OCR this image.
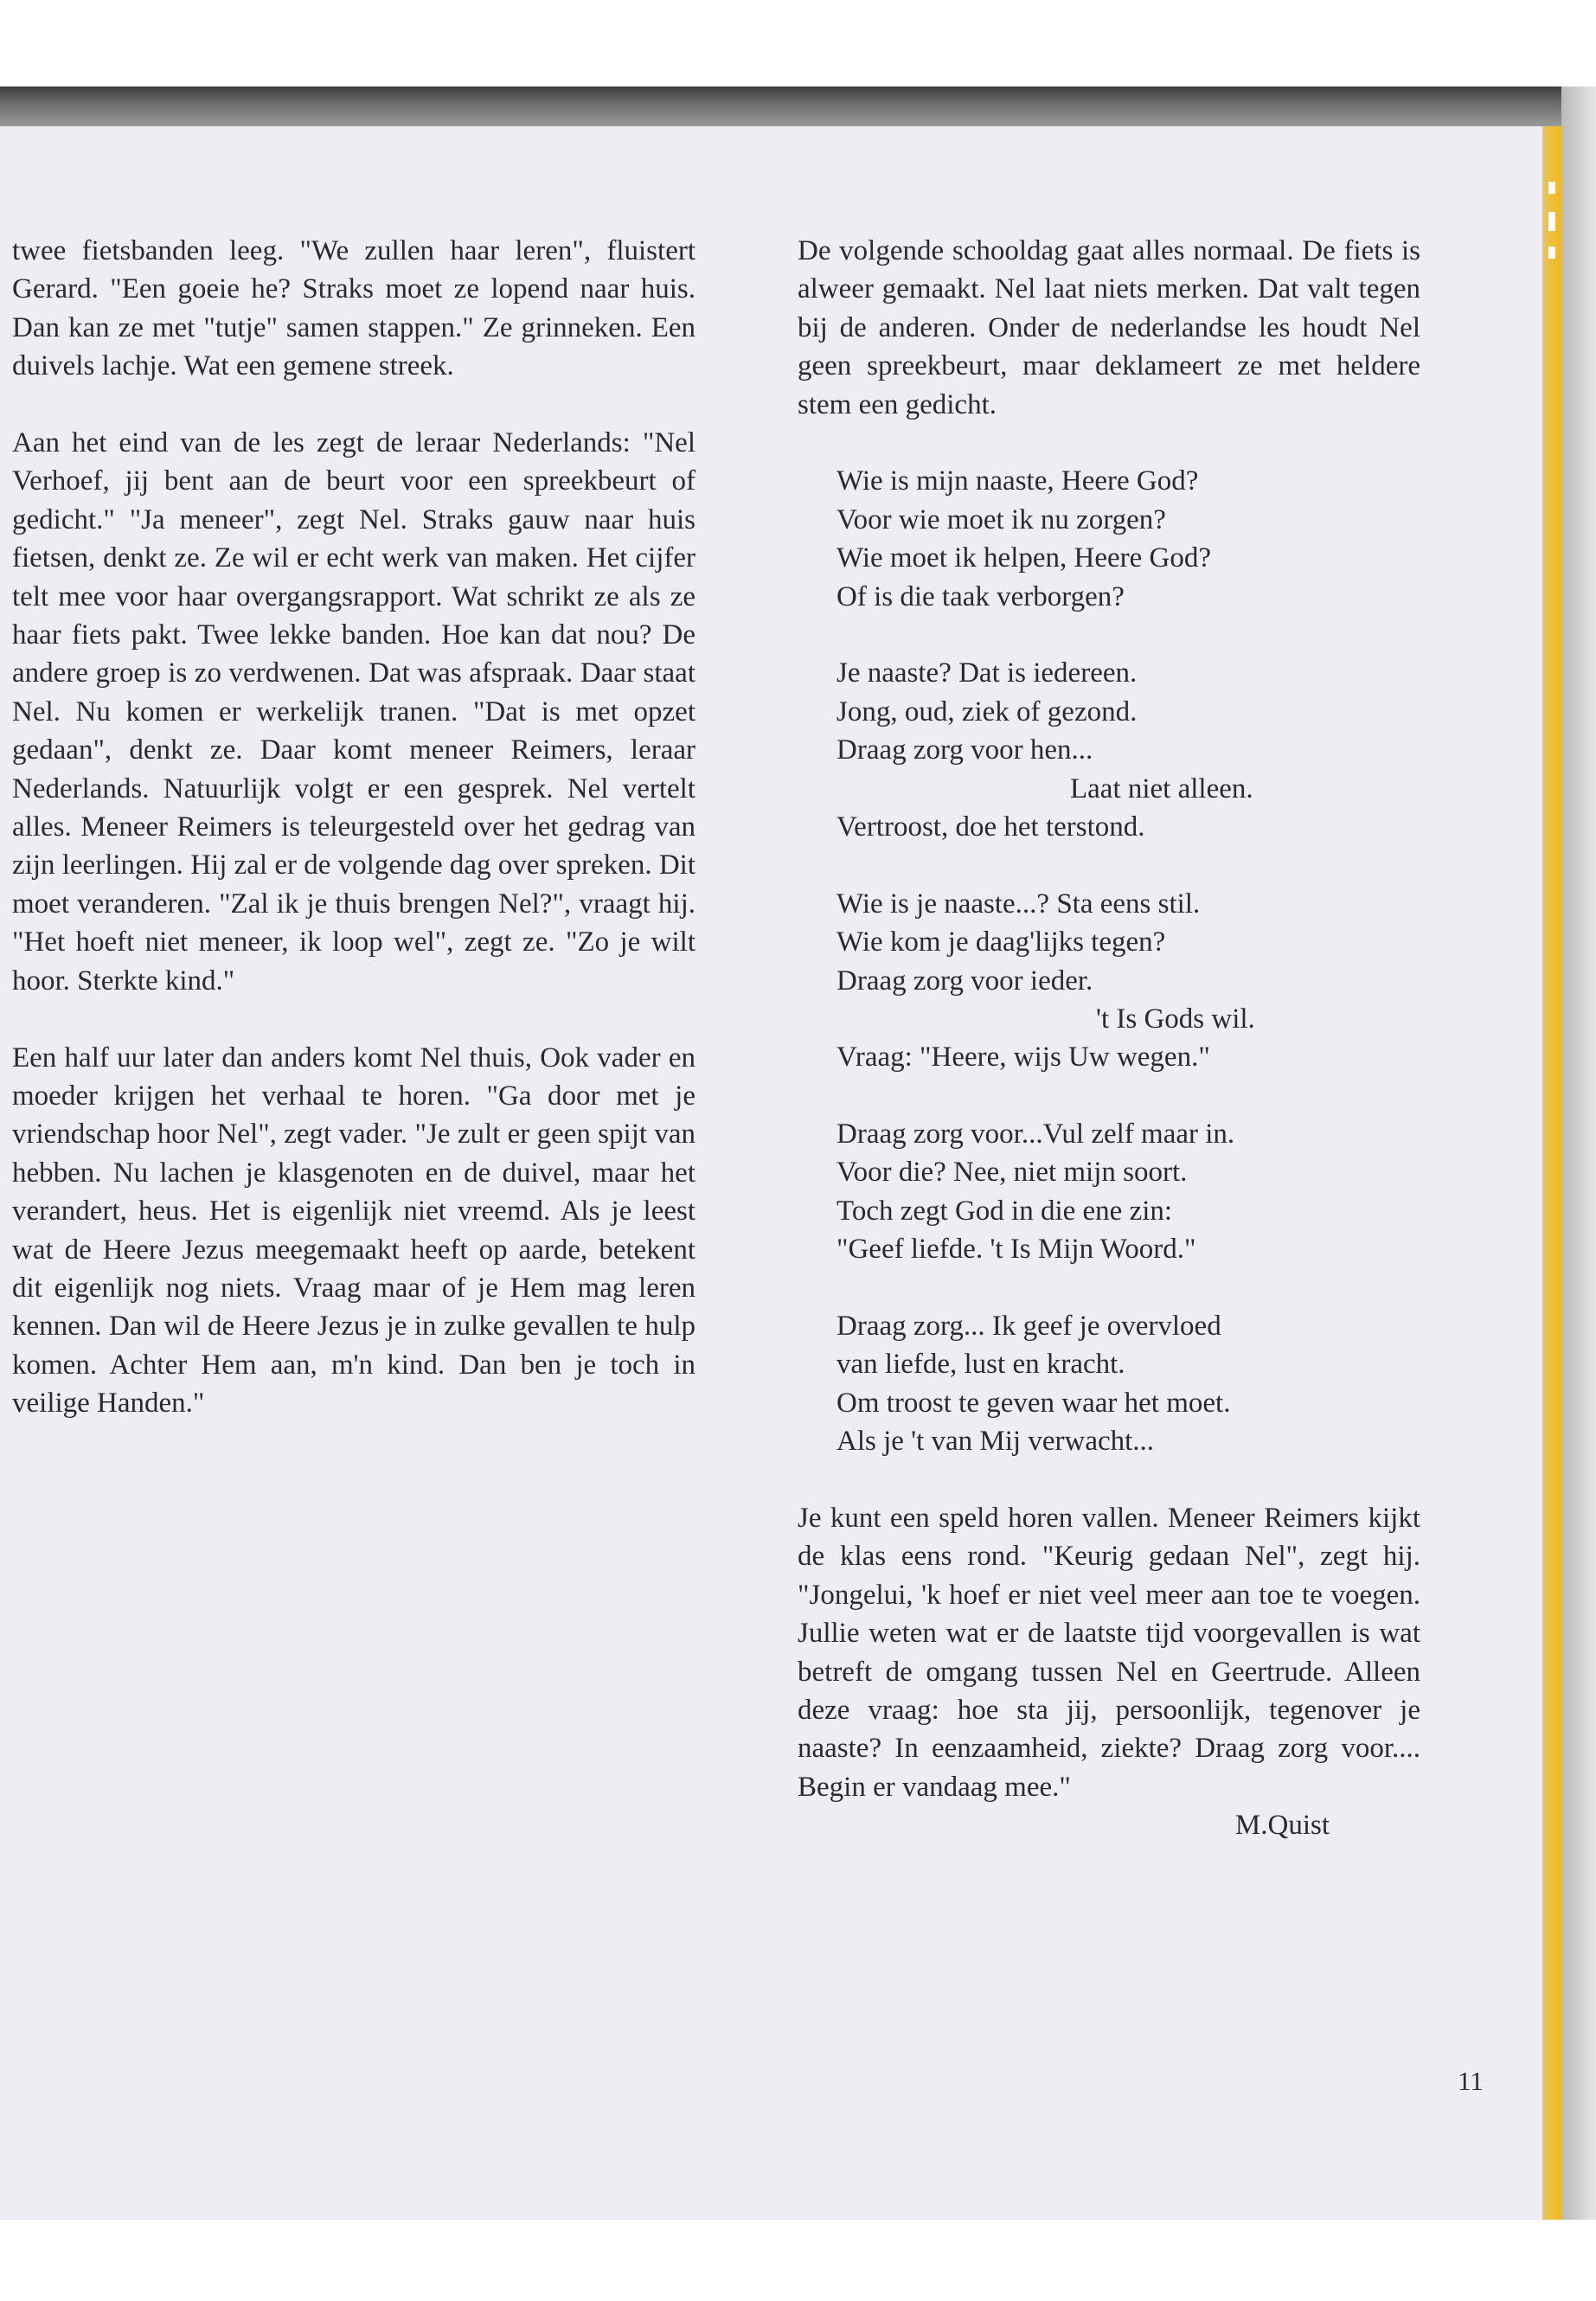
twee fietsbanden leeg. "We zullen haar leren", fluistert Gerard. "Een goeie he? Straks moet ze lopend naar huis. Dan kan ze met "tutje" samen stappen." Ze grinneken. Een duivels lachje. Wat een gemene streek.

Aan het eind van de les zegt de leraar Nederlands: "Nel Verhoef, jij bent aan de beurt voor een spreekbeurt of gedicht." "Ja meneer", zegt Nel. Straks gauw naar huis fietsen, denkt ze. Ze wil er echt werk van maken. Het cijfer telt mee voor haar overgangsrapport. Wat schrikt ze als ze haar fiets pakt. Twee lekke banden. Hoe kan dat nou? De andere groep is zo verdwenen. Dat was afspraak. Daar staat Nel. Nu komen er werkelijk tranen. "Dat is met opzet gedaan", denkt ze. Daar komt meneer Reimers, leraar Nederlands. Natuurlijk volgt er een gesprek. Nel vertelt alles. Meneer Reimers is teleurgesteld over het gedrag van zijn leerlingen. Hij zal er de volgende dag over spreken. Dit moet veranderen. "Zal ik je thuis brengen Nel?", vraagt hij. "Het hoeft niet meneer, ik loop wel", zegt ze. "Zo je wilt hoor. Sterkte kind."

Een half uur later dan anders komt Nel thuis, Ook vader en moeder krijgen het verhaal te horen. "Ga door met je vriendschap hoor Nel", zegt vader. "Je zult er geen spijt van hebben. Nu lachen je klasgenoten en de duivel, maar het verandert, heus. Het is eigenlijk niet vreemd. Als je leest wat de Heere Jezus meegemaakt heeft op aarde, betekent dit eigenlijk nog niets. Vraag maar of je Hem mag leren kennen. Dan wil de Heere Jezus je in zulke gevallen te hulp komen. Achter Hem aan, m'n kind. Dan ben je toch in veilige Handen."

De volgende schooldag gaat alles normaal. De fiets is alweer gemaakt. Nel laat niets merken. Dat valt tegen bij de anderen. Onder de nederlandse les houdt Nel geen spreekbeurt, maar deklameert ze met heldere stem een gedicht.

Wie is mijn naaste, Heere God?
Voor wie moet ik nu zorgen?
Wie moet ik helpen, Heere God?
Of is die taak verborgen?
Je naaste? Dat is iedereen.
Jong, oud, ziek of gezond.
Draag zorg voor hen...
Laat niet alleen.
Vertroost, doe het terstond.
Wie is je naaste...? Sta eens stil.
Wie kom je daag'lijks tegen?
Draag zorg voor ieder.
't Is Gods wil.
Vraag: "Heere, wijs Uw wegen."
Draag zorg voor...Vul zelf maar in.
Voor die? Nee, niet mijn soort.
Toch zegt God in die ene zin:
"Geef liefde. 't Is Mijn Woord."
Draag zorg... Ik geef je overvloed
van liefde, lust en kracht.
Om troost te geven waar het moet.
Als je 't van Mij verwacht...

Je kunt een speld horen vallen. Meneer Reimers kijkt de klas eens rond. "Keurig gedaan Nel", zegt hij. "Jongelui, 'k hoef er niet veel meer aan toe te voegen. Jullie weten wat er de laatste tijd voorgevallen is wat betreft de omgang tussen Nel en Geertrude. Alleen deze vraag: hoe sta jij, persoonlijk, tegenover je naaste? In eenzaamheid, ziekte? Draag zorg voor.... Begin er vandaag mee."

M.Quist
11
